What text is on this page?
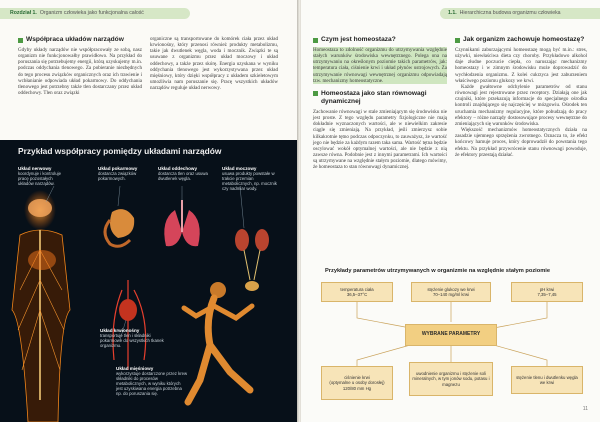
Rozdział 1. Organizm człowieka jako funkcjonalna całość
Współpraca układów narządów

Gdyby układy narządów nie współpracowały ze sobą, nasz organizm nie funkcjonowałby prawidłowo. Na przykład do poruszania się potrzebujemy energii, którą uzyskujemy m.in. podczas oddychania tlenowego. Za pobieranie niezbędnych do tego procesu związków organicznych oraz ich trawienie i wchłanianie odpowiada układ pokarmowy. Do oddychania tlenowego jest potrzebny także tlen dostarczany przez układ oddechowy. Tlen oraz związki

organiczne są transportowane do komórek ciała przez układ krwionośny, który przenosi również produkty metabolizmu, takie jak dwutlenek węgla, woda i mocznik. Związki te są usuwane z organizmu przez układ moczowy i układ oddechowy, a także przez skórę. Energia uzyskana w wyniku oddychania tlenowego jest wykorzystywana przez układ mięśniowy, który dzięki współpracy z układem szkieletowym umożliwia nam poruszanie się. Pracę wszystkich układów narządów reguluje układ nerwowy.

Przykład współpracy pomiędzy układami narządów
Układ nerwowy
koordynuje i kontroluje pracę pozostałych układów narządów.
Układ pokarmowy
dostarcza związków pokarmowych.
Układ oddechowy
dostarcza tlen oraz usuwa dwutlenek węgla.
Układ moczowy
usuwa produkty powstałe w trakcie przemian metabolicznych, np. mocznik czy nadmiar wody.
Układ krwionośny
transportuje tlen i składniki pokarmowe do wszystkich tkanek organizmu.
Układ mięśniowy
wykorzystuje dostarczone przez krew składniki do procesów metabolicznych, w wyniku których jest uzyskiwana energia potrzebna np. do poruszania się.
1.1. Hierarchiczna budowa organizmu człowieka
Czym jest homeostaza?

Homeostaza to zdolność organizmu do utrzymywania względnie stałych warunków środowiska wewnętrznego. Polega ona na utrzymywaniu na określonym poziomie takich parametrów, jak: temperatura ciała, ciśnienie krwi i układ płynów ustrojowych. Za utrzymywanie równowagi wewnętrznej organizmu odpowiadają tzw. mechanizmy homeostatyczne.

Homeostaza jako stan równowagi dynamicznej

Zachowanie równowagi w stale zmieniającym się środowisku nie jest proste. Z tego względu parametry fizjologiczne nie mają dokładnie wyznaczonych wartości, ale w niewielkim zakresie ciągle się zmieniają. Na przykład, jeśli zmierzysz sobie kilkakrotnie tętno podczas odpoczynku, to zauważysz, że wartość jego nie będzie za każdym razem taka sama. Wartość tętna będzie oscylować wokół optymalnej wartości, ale nie będzie z nią zawsze równa. Podobnie jest z innymi parametrami. Ich wartości są utrzymywane na względnie stałym poziomie, dlatego mówimy, że homeostaza to stan równowagi dynamicznej.

Jak organizm zachowuje homeostazę?

Czynnikami zaburzającymi homeostazę mogą być m.in.: stres, używki, niewłaściwa dieta czy choroby. Przykładowo alkohol daje złudne poczucie ciepła, co naruszając mechanizmy homeostazy i w zimnym środowisku może doprowadzić do wychłodzenia organizmu. Z kolei cukrzyca jest zaburzeniem właściwego poziomu glukozy we krwi.

Każde gwałtowne odchylenie parametrów od stanu równowagi jest rejestrowane przez receptory. Działają one jak czujniki, które przekazują informacje do specjalnego ośrodka kontroli znajdującego się najczęściej w mózgowiu. Ośrodek ten uruchamia mechanizmy regulacyjne, które pobudzają do pracy efektory – różne narządy dostosowujące procesy wewnętrzne do zmieniających się warunków środowiska.

Większość mechanizmów homeostatycznych działa na zasadzie ujemnego sprzężenia zwrotnego. Oznacza to, że efekt końcowy hamuje proces, który doprowadził do powstania tego efektu. Na przykład przywrócenie stanu równowagi powoduje, że efektory przestają działać.

Przykłady parametrów utrzymywanych w organizmie na względnie stałym poziomie
temperatura ciała
36,5–37°C
stężenie glukozy we krwi
70–140 mg/ml krwi
pH krwi
7,35–7,45
WYBRANE PARAMETRY
ciśnienie krwi
(optymalne u osoby dorosłej)
120/80 mm Hg
uwodnienie organizmu i stężenie soli mineralnych, w tym jonów sodu, potasu i magnezu
stężenie tlenu i dwutlenku węgla we krwi
11
